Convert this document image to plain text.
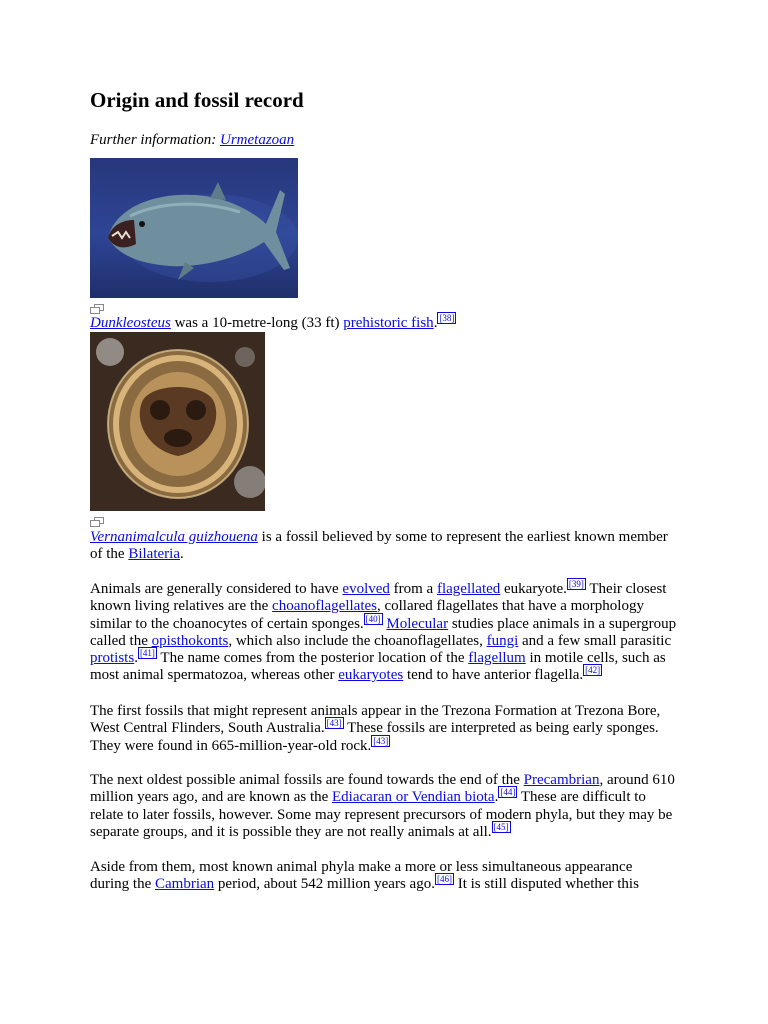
Origin and fossil record
Further information: Urmetazoan
Dunkleosteus was a 10-metre-long (33 ft) prehistoric fish. [38]
Vernanimalcula guizhouena is a fossil believed by some to represent the earliest known member
of the Bilateria.
Animals are generally considered to have evolved from a flagellated eukaryote. [39] Their closest
known living relatives are the choanoflagellates, collared flagellates that have a morphology
similar to the choanocytes of certain sponges. [40] Molecular studies place animals in a supergroup
called the opisthokonts, which also include the choanoflagellates, fungi and a few small parasitic
protists. [41] The name comes from the posterior location of the flagellum in motile cells, such as
most animal spermatozoa, whereas other eukaryotes tend to have anterior flagella. [42]
The first fossils that might represent animals appear in the Trezona Formation at Trezona Bore,
West Central Flinders, South Australia. [43] These fossils are interpreted as being early sponges.
They were found in 665-million-year-old rock. [43]
The next oldest possible animal fossils are found towards the end of the Precambrian, around 610
million years ago, and are known as the Ediacaran or Vendian biota. [44] These are difficult to
relate to later fossils, however. Some may represent precursors of modern phyla, but they may be
separate groups, and it is possible they are not really animals at all. [45]
Aside from them, most known animal phyla make a more or less simultaneous appearance
during the Cambrian period, about 542 million years ago. [46] It is still disputed whether this
